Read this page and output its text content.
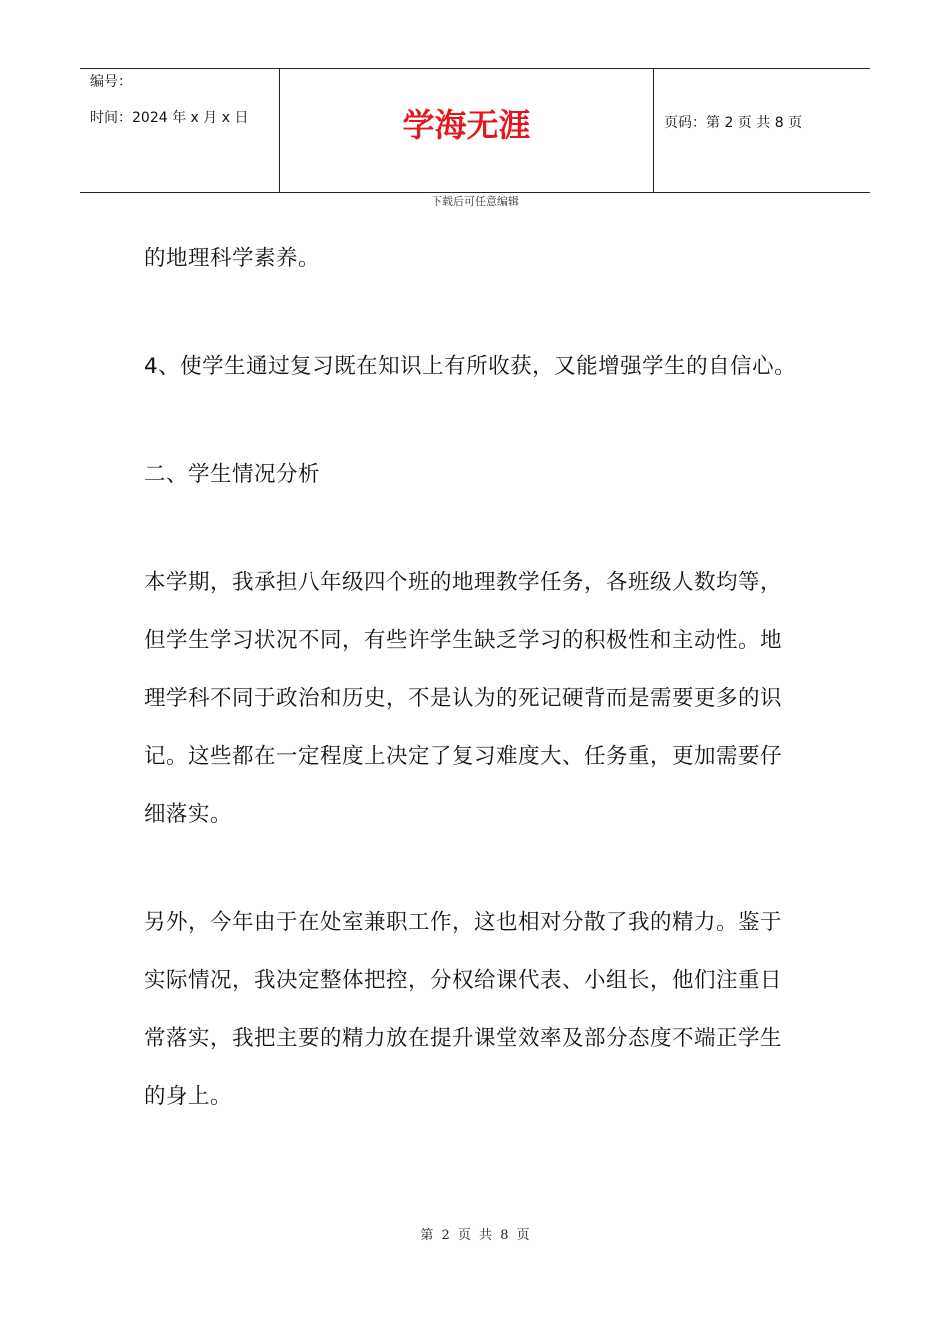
编号：
时间：2024 年 x 月 x 日	学海无涯	页码：第 2 页 共 8 页
下载后可任意编辑

的地理科学素养。

4、使学生通过复习既在知识上有所收获，又能增强学生的自信心。

二、学生情况分析

本学期，我承担八年级四个班的地理教学任务，各班级人数均等，

但学生学习状况不同，有些许学生缺乏学习的积极性和主动性。地

理学科不同于政治和历史，不是认为的死记硬背而是需要更多的识

记。这些都在一定程度上决定了复习难度大、任务重，更加需要仔

细落实。

另外，今年由于在处室兼职工作，这也相对分散了我的精力。鉴于

实际情况，我决定整体把控，分权给课代表、小组长，他们注重日

常落实，我把主要的精力放在提升课堂效率及部分态度不端正学生

的身上。

第 2 页 共 8 页
